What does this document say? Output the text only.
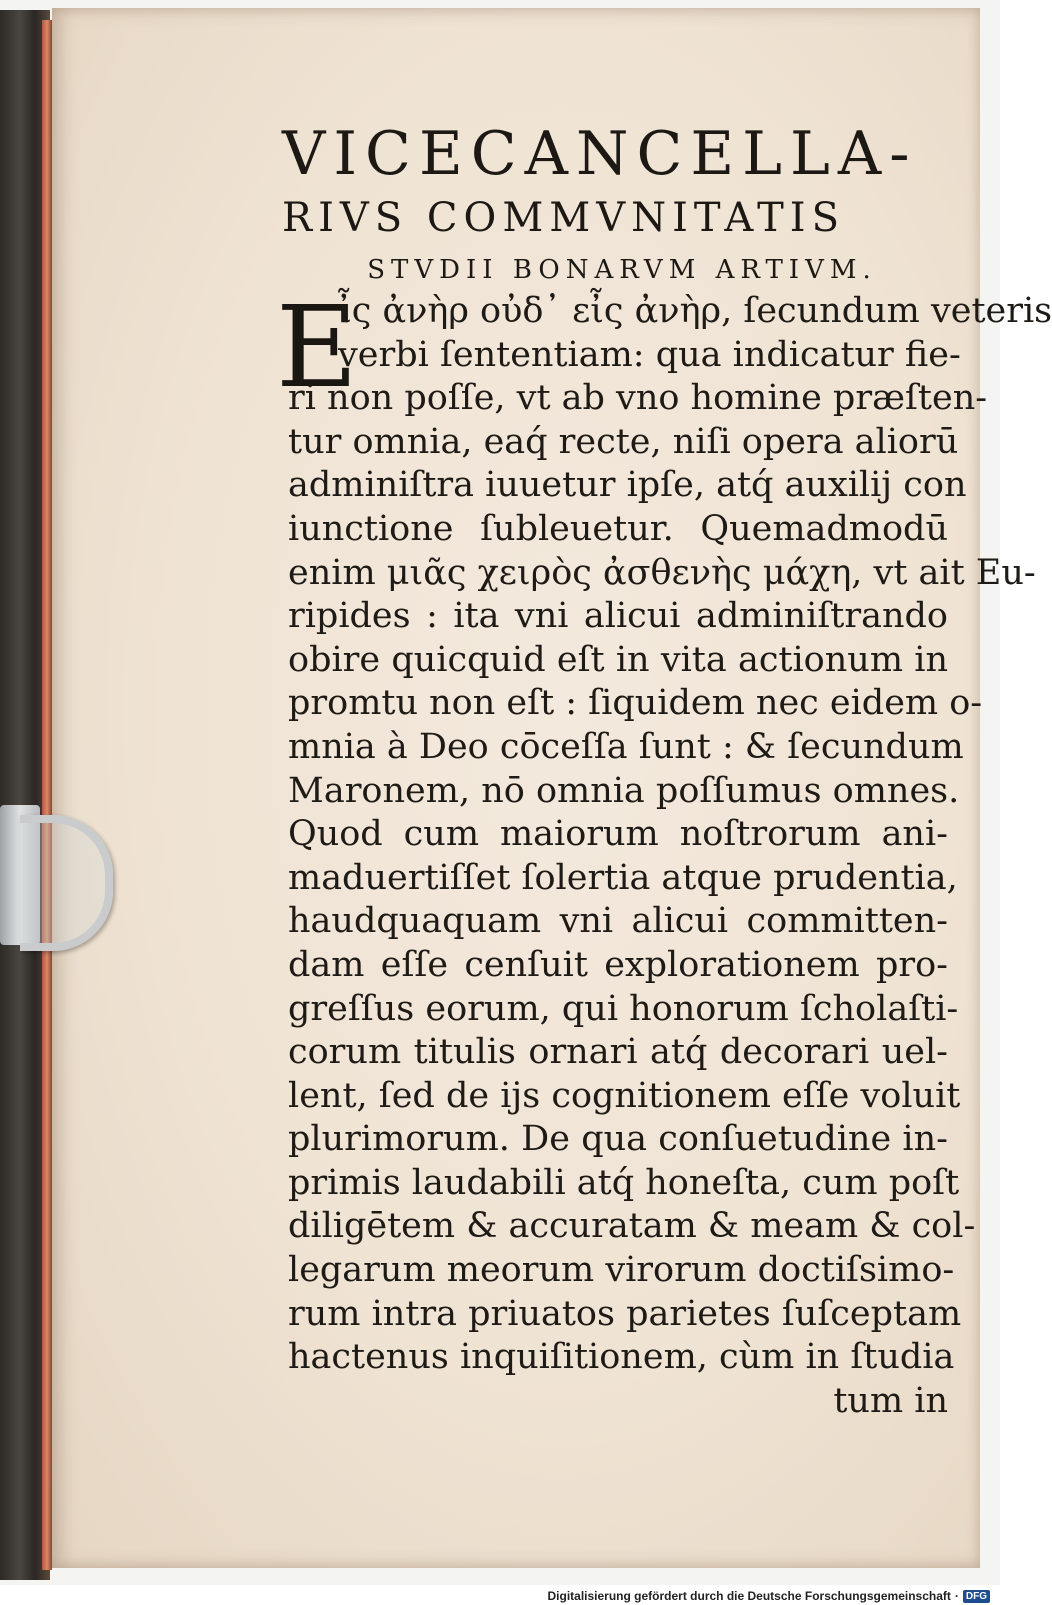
VICECANCELLA-
RIVS COMMVNITATIS
STVDII BONARVM ARTIVM.
E
ἶς ἀνὴρ οὐδ᾽ εἶς ἀνὴρ, ſecundum veteris
verbi ſententiam: qua indicatur fie-
ri non poſſe, vt ab vno homine præſten-
tur omnia, eaq́ recte, niſi opera aliorū
adminiſtra iuuetur ipſe, atq́ auxilij con
iunctione ſubleuetur. Quemadmodū
enim μιᾶς χειρὸς ἀσθενὴς μάχη, vt ait Eu-
ripides : ita vni alicui adminiſtrando
obire quicquid eſt in vita actionum in
promtu non eſt : ſiquidem nec eidem o-
mnia à Deo cōceſſa ſunt : & ſecundum
Maronem, nō omnia poſſumus omnes.
Quod cum maiorum noſtrorum ani-
maduertiſſet ſolertia atque prudentia,
haudquaquam vni alicui committen-
dam eſſe cenſuit explorationem pro-
greſſus eorum, qui honorum ſcholaſti-
corum titulis ornari atq́ decorari uel-
lent, ſed de ijs cognitionem eſſe voluit
plurimorum. De qua conſuetudine in-
primis laudabili atq́ honeſta, cum poſt
diligētem & accuratam & meam & col-
legarum meorum virorum doctiſsimo-
rum intra priuatos parietes ſuſceptam
hactenus inquiſitionem, cùm in ſtudia
tum in
Digitalisierung gefördert durch die Deutsche Forschungsgemeinschaft · DFG
